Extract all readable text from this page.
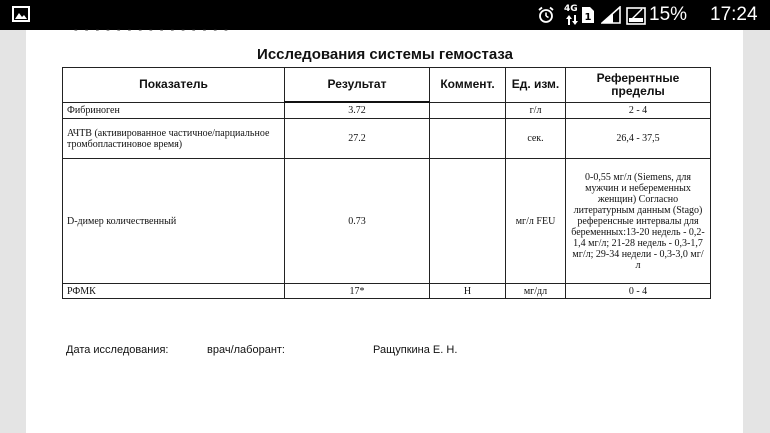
4G
1	15% 17:24
- - - - - - - - - - - - - - -
Исследования системы гемостаза
Показатель	Результат	Коммент.	Ед. изм.	Референтные пределы
Фибриноген	3.72		г/л	2 - 4
АЧТВ (активированное частичное/парциальное тромбопластиновое время)	27.2		сек.	26,4 - 37,5
D-димер количественный	0.73		мг/л FEU	0-0,55 мг/л (Siemens, для мужчин и небеременных женщин) Согласно литературным данным (Stago) референсные интервалы для беременных:13-20 недель - 0,2-1,4 мг/л; 21-28 недель - 0,3-1,7 мг/л; 29-34 недели - 0,3-3,0 мг/л
РФМК	17*	Н	мг/дл	0 - 4
Дата исследования:	врач/лаборант:	Ращупкина Е. Н.
